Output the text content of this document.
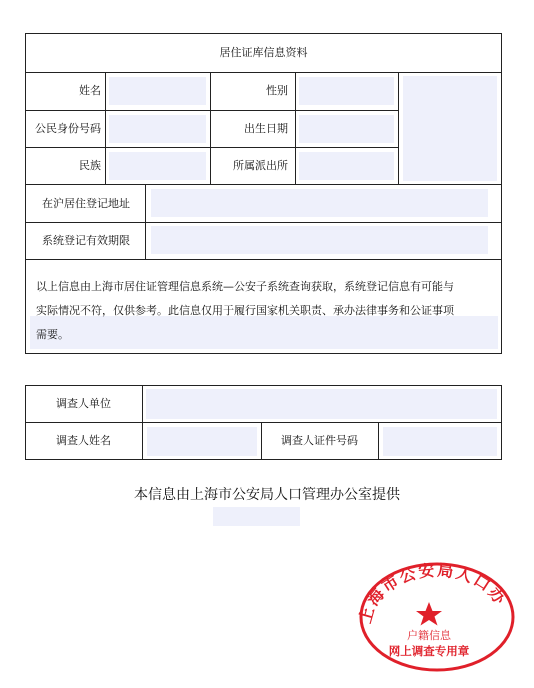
居住证库信息资料
姓名	性别
公民身份号码	出生日期
民族	所属派出所
在沪居住登记地址
系统登记有效期限
以上信息由上海市居住证管理信息系统—公安子系统查询获取，系统登记信息有可能与
实际情况不符，仅供参考。此信息仅用于履行国家机关职责、承办法律事务和公证事项
需要。
调查人单位
调查人姓名	调查人证件号码
本信息由上海市公安局人口管理办公室提供
上海市公安局人口办
户籍信息
网上调查专用章
